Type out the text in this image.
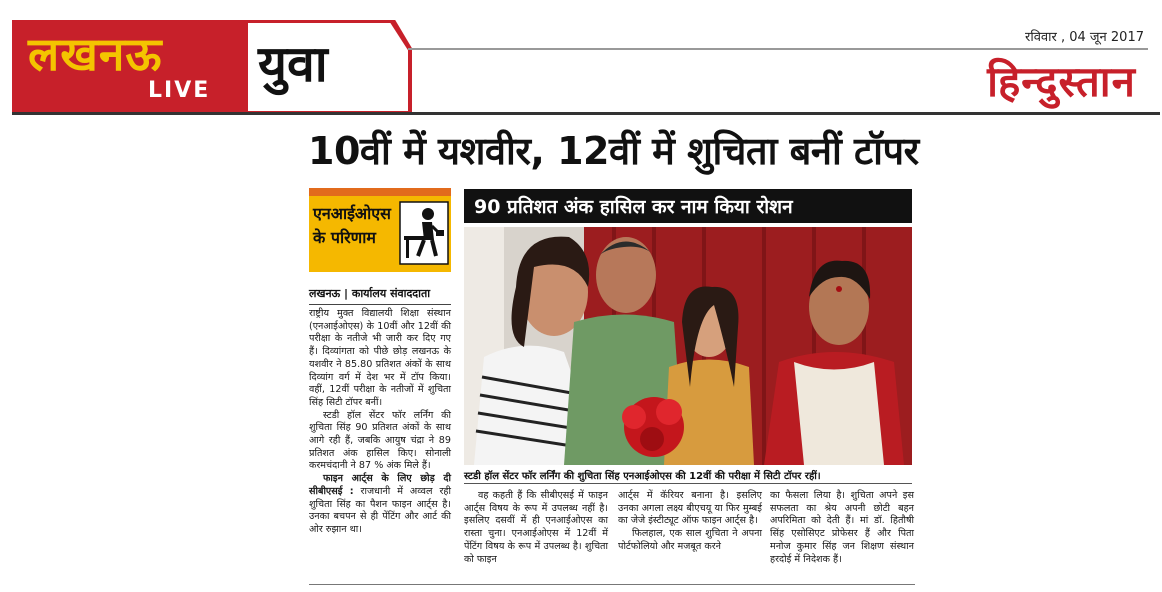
लखनऊ
LIVE युवा	रविवार , 04 जून 2017
हिन्दुस्तान
10वीं में यशवीर, 12वीं में शुचिता बनीं टॉपर
एनआईओएस
के परिणाम
लखनऊ | कार्यालय संवाददाता

राष्ट्रीय मुक्त विद्यालयी शिक्षा संस्थान (एनआईओएस) के 10वीं और 12वीं की परीक्षा के नतीजे भी जारी कर दिए गए हैं। दिव्यांगता को पीछे छोड़ लखनऊ के यशवीर ने 85.80 प्रतिशत अंकों के साथ दिव्यांग वर्ग में देश भर में टॉप किया। वहीं, 12वीं परीक्षा के नतीजों में शुचिता सिंह सिटी टॉपर बनीं।

स्टडी हॉल सेंटर फॉर लर्निंग की शुचिता सिंह 90 प्रतिशत अंकों के साथ आगे रही हैं, जबकि आयुष चंद्रा ने 89 प्रतिशत अंक हासिल किए। सोनाली करमचंदानी ने 87 % अंक मिले हैं।

फाइन आर्ट्स के लिए छोड़ दी सीबीएसई : राजधानी में अव्वल रही शुचिता सिंह का पैशन फाइन आर्ट्स है। उनका बचपन से ही पेंटिंग और आर्ट की ओर रुझान था।

90 प्रतिशत अंक हासिल कर नाम किया रोशन
स्टडी हॉल सेंटर फॉर लर्निंग की शुचिता सिंह एनआईओएस की 12वीं की परीक्षा में सिटी टॉपर रहीं।

वह कहती हैं कि सीबीएसई में फाइन आर्ट्स विषय के रूप में उपलब्ध नहीं है। इसलिए दसवीं में ही एनआईओएस का रास्ता चुना। एनआईओएस में 12वीं में पेंटिंग विषय के रूप में उपलब्ध है। शुचिता को फाइन

आर्ट्स में कॅरियर बनाना है। इसलिए उनका अगला लक्ष्य बीएचयू या फिर मुम्बई का जेजे इंस्टीट्यूट ऑफ फाइन आर्ट्स है।

फिलहाल, एक साल शुचिता ने अपना पोर्टफोलियो और मजबूत करने

का फैसला लिया है। शुचिता अपने इस सफलता का श्रेय अपनी छोटी बहन अपरिमिता को देती हैं। मां डॉ. हितौषी सिंह एसोसिएट प्रोफेसर हैं और पिता मनोज कुमार सिंह जन शिक्षण संस्थान हरदोई में निदेशक हैं।
